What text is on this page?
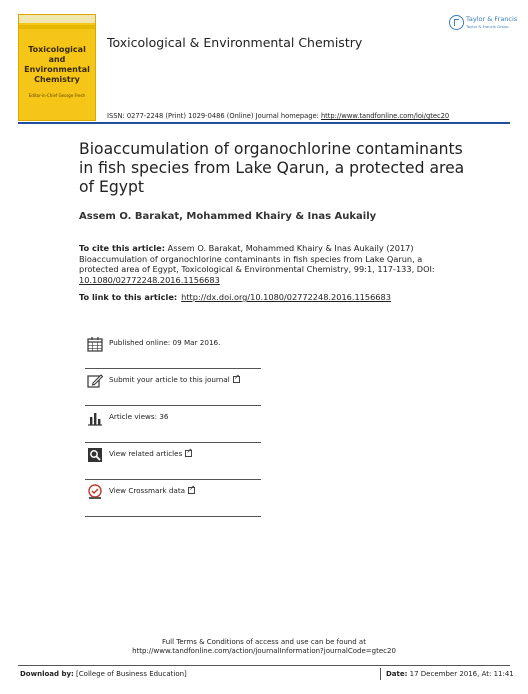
Toxicological and Environmental Chemistry
Editor-in-Chief George Fresh
Toxicological & Environmental Chemistry
Taylor & Francis
Taylor & Francis Group
ISSN: 0277-2248 (Print) 1029-0486 (Online) Journal homepage: http://www.tandfonline.com/loi/gtec20
Bioaccumulation of organochlorine contaminants in fish species from Lake Qarun, a protected area of Egypt
Assem O. Barakat, Mohammed Khairy & Inas Aukaily
To cite this article: Assem O. Barakat, Mohammed Khairy & Inas Aukaily (2017) Bioaccumulation of organochlorine contaminants in fish species from Lake Qarun, a protected area of Egypt, Toxicological & Environmental Chemistry, 99:1, 117-133, DOI: 10.1080/02772248.2016.1156683
To link to this article: http://dx.doi.org/10.1080/02772248.2016.1156683
Published online: 09 Mar 2016.
Submit your article to this journal↗
Article views: 36
View related articles↗
View Crossmark data↗
Full Terms & Conditions of access and use can be found at
http://www.tandfonline.com/action/journalInformation?journalCode=gtec20
Download by: [College of Business Education]	Date: 17 December 2016, At: 11:41
